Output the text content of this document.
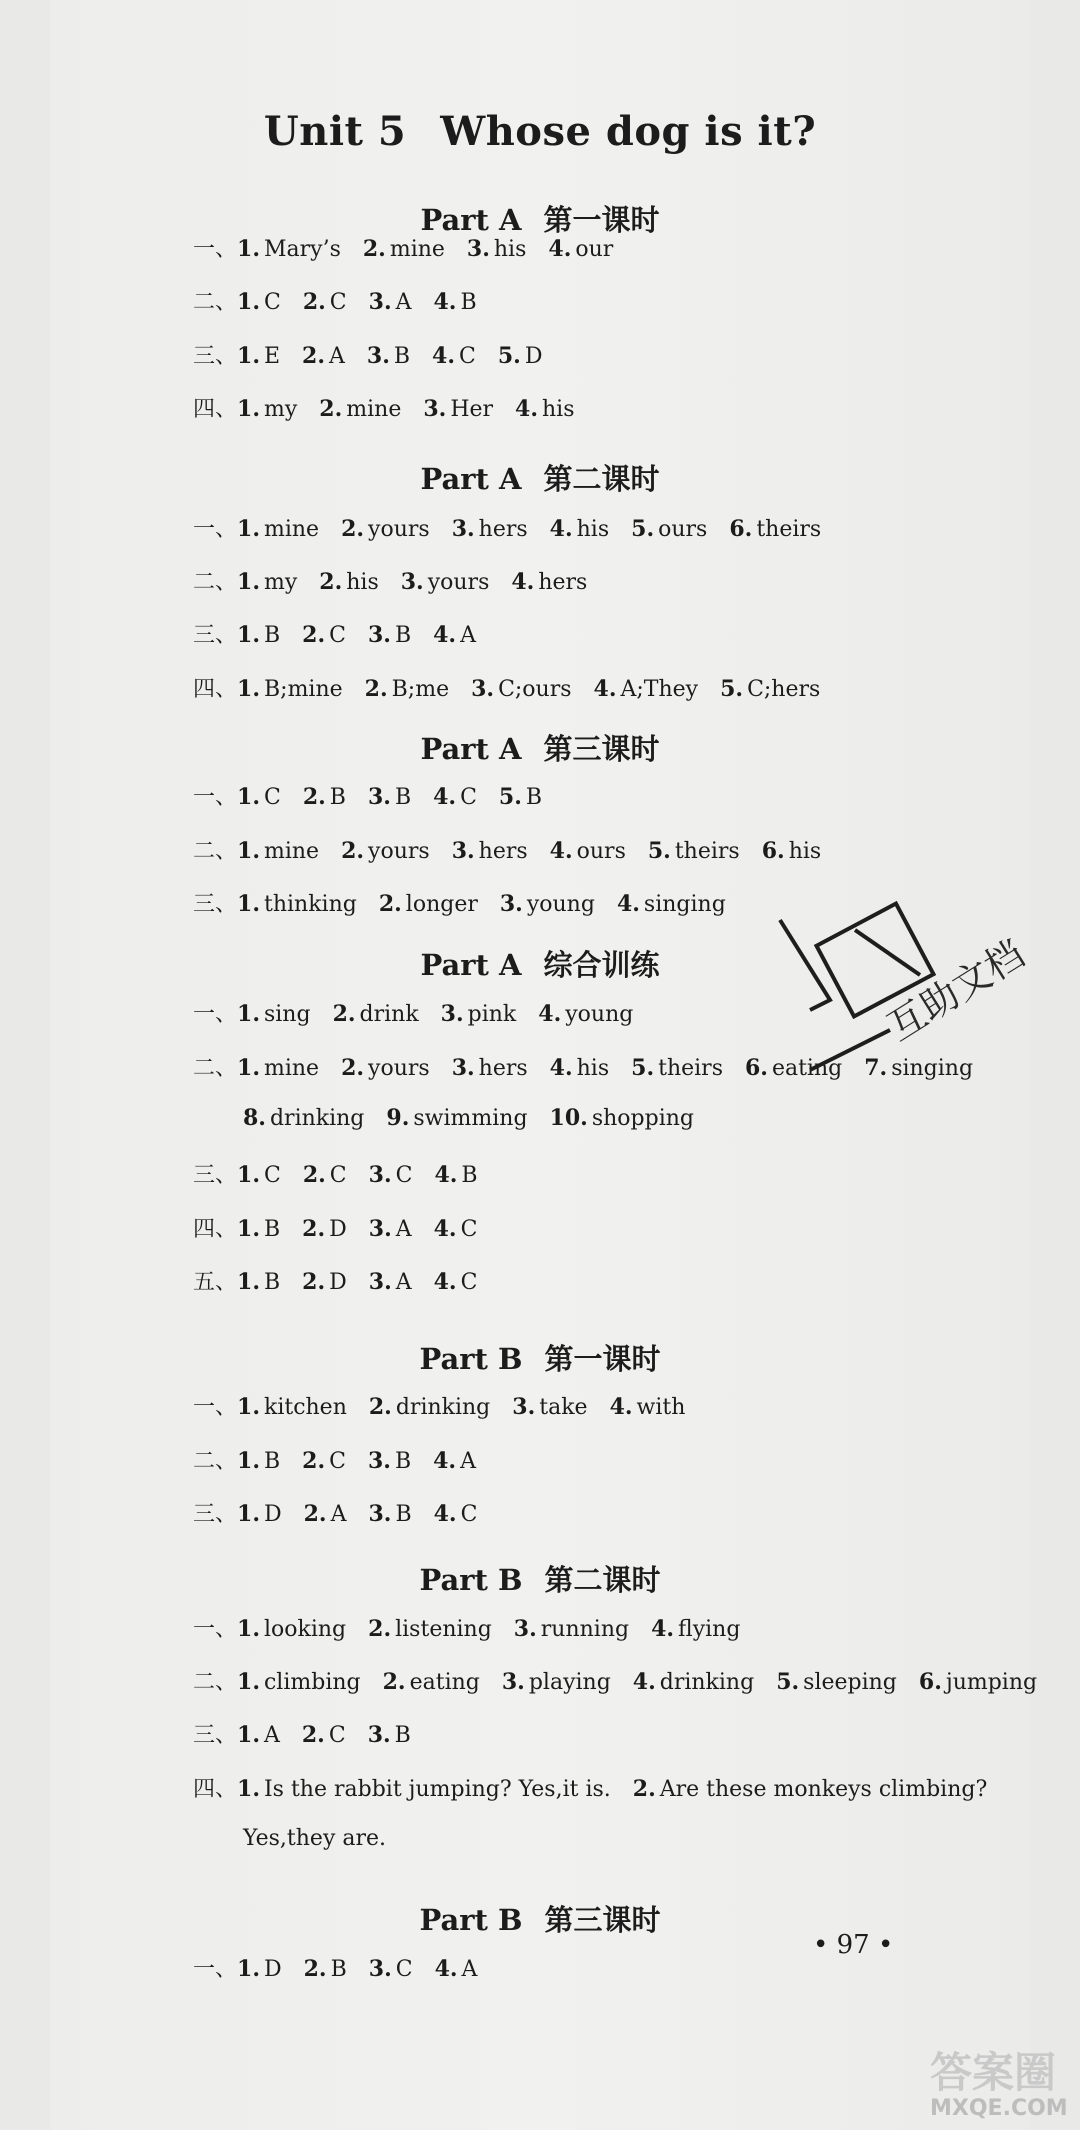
Unit 5 Whose dog is it?
Part A 第一课时
Part A 第二课时
Part A 第三课时
Part A 综合训练
Part B 第一课时
Part B 第二课时
Part B 第三课时
一、1. Mary’s 2. mine 3. his 4. our
二、1. C 2. C 3. A 4. B
三、1. E 2. A 3. B 4. C 5. D
四、1. my 2. mine 3. Her 4. his
一、1. mine 2. yours 3. hers 4. his 5. ours 6. theirs
二、1. my 2. his 3. yours 4. hers
三、1. B 2. C 3. B 4. A
四、1. B;mine 2. B;me 3. C;ours 4. A;They 5. C;hers
一、1. C 2. B 3. B 4. C 5. B
二、1. mine 2. yours 3. hers 4. ours 5. theirs 6. his
三、1. thinking 2. longer 3. young 4. singing
一、1. sing 2. drink 3. pink 4. young
二、1. mine 2. yours 3. hers 4. his 5. theirs 6. eating 7. singing
8. drinking 9. swimming 10. shopping
三、1. C 2. C 3. C 4. B
四、1. B 2. D 3. A 4. C
五、1. B 2. D 3. A 4. C
一、1. kitchen 2. drinking 3. take 4. with
二、1. B 2. C 3. B 4. A
三、1. D 2. A 3. B 4. C
一、1. looking 2. listening 3. running 4. flying
二、1. climbing 2. eating 3. playing 4. drinking 5. sleeping 6. jumping
三、1. A 2. C 3. B
四、1. Is the rabbit jumping? Yes,it is. 2. Are these monkeys climbing?
Yes,they are.
一、1. D 2. B 3. C 4. A
互助文档
• 97 •
答案圈
MXQE.COM
